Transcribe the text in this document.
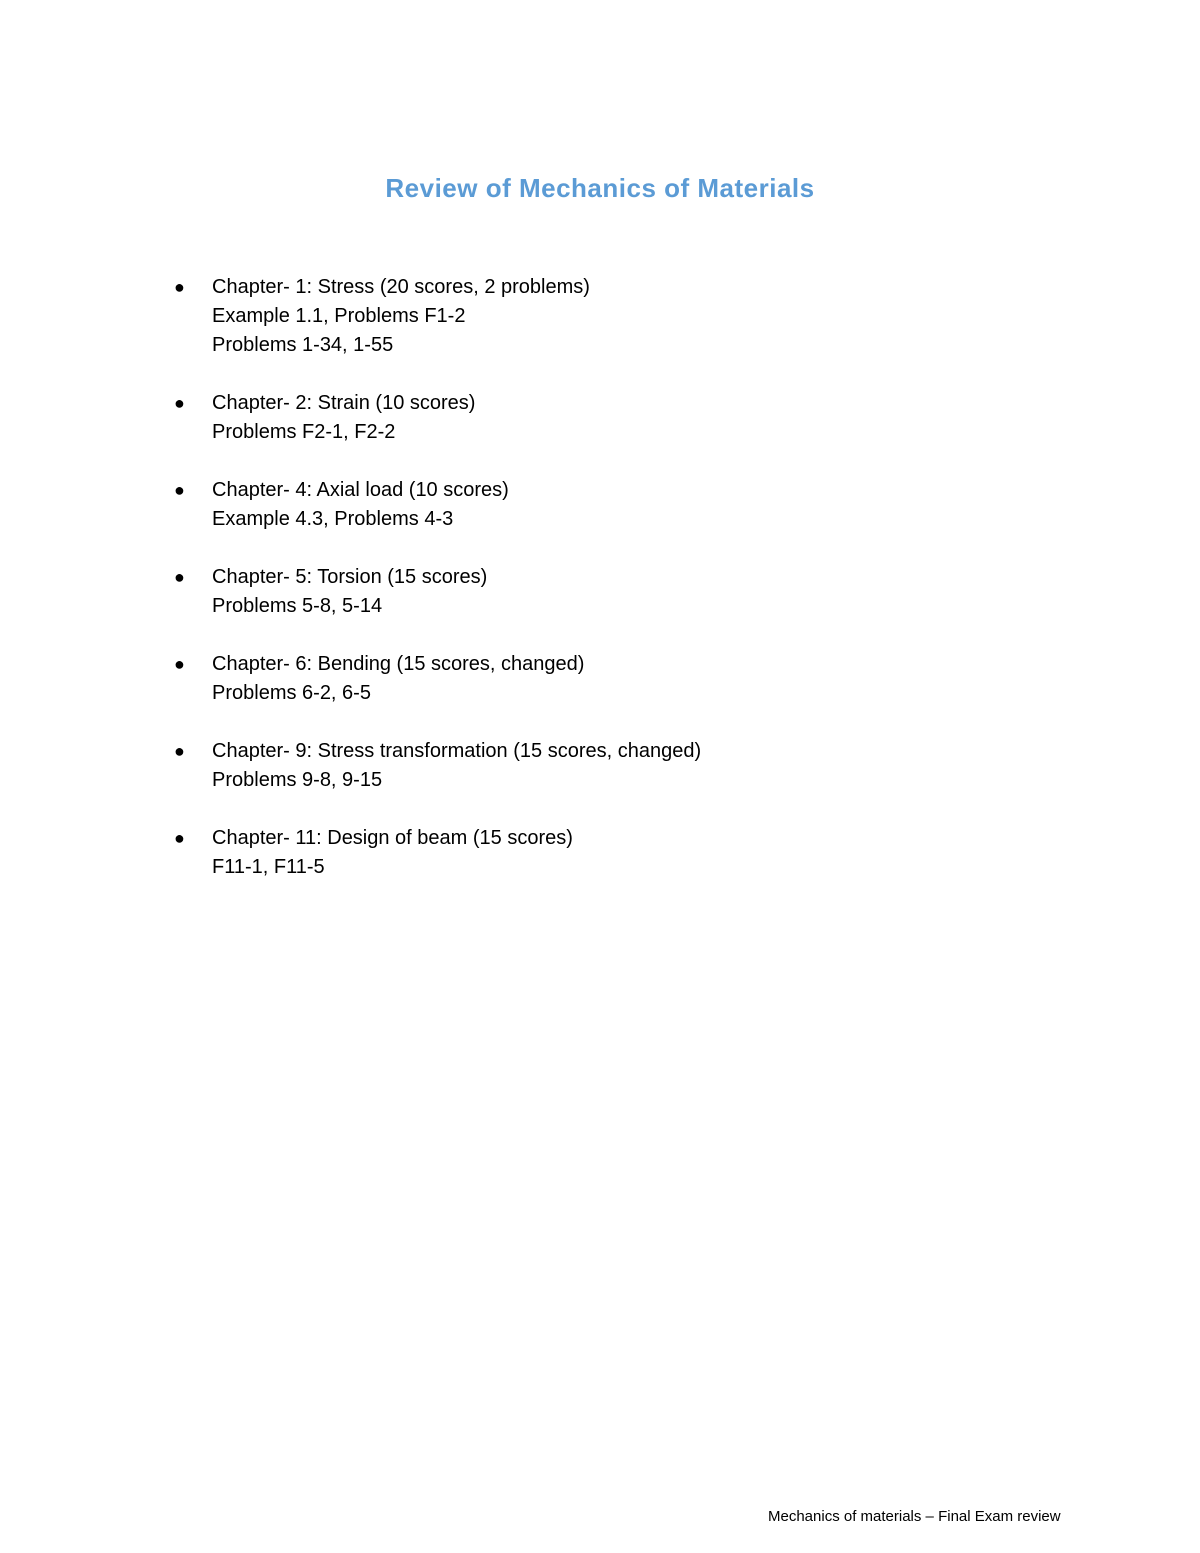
Review of Mechanics of Materials
● Chapter- 1: Stress (20 scores, 2 problems)
Example 1.1, Problems F1-2
Problems 1-34, 1-55
● Chapter- 2: Strain (10 scores)
Problems F2-1, F2-2
● Chapter- 4: Axial load (10 scores)
Example 4.3, Problems 4-3
● Chapter- 5: Torsion (15 scores)
Problems 5-8, 5-14
● Chapter- 6: Bending (15 scores, changed)
Problems 6-2, 6-5
● Chapter- 9: Stress transformation (15 scores, changed)
Problems 9-8, 9-15
● Chapter- 11: Design of beam (15 scores)
F11-1, F11-5
Mechanics of materials – Final Exam review
